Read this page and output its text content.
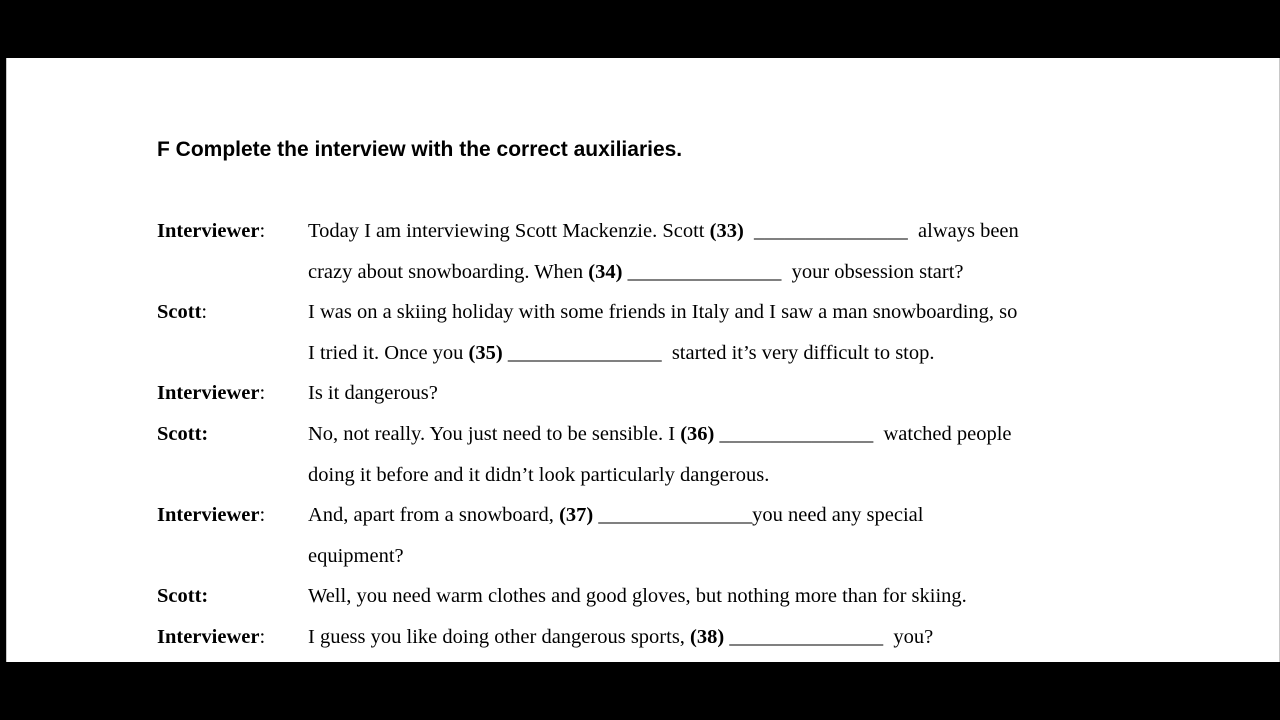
F Complete the interview with the correct auxiliaries.
Interviewer:	Today I am interviewing Scott Mackenzie. Scott (33)  _______________  always been
crazy about snowboarding. When (34) _______________  your obsession start?
Scott:	I was on a skiing holiday with some friends in Italy and I saw a man snowboarding, so
I tried it. Once you (35) _______________  started it’s very difficult to stop.
Interviewer:	Is it dangerous?
Scott:	No, not really. You just need to be sensible. I (36) _______________  watched people
doing it before and it didn’t look particularly dangerous.
Interviewer:	And, apart from a snowboard, (37) _______________you need any special
equipment?
Scott:	Well, you need warm clothes and good gloves, but nothing more than for skiing.
Interviewer:	I guess you like doing other dangerous sports, (38) _______________  you?
